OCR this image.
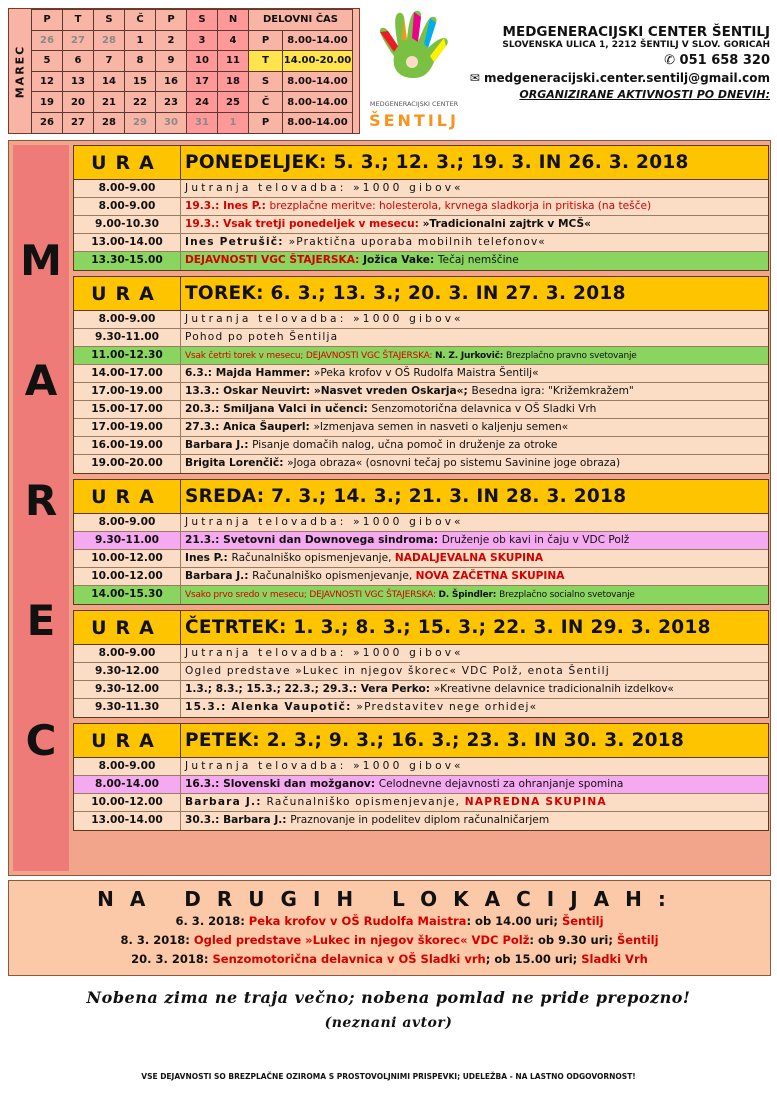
MAREC
P	T	S	Č	P	S	N	DELOVNI ČAS	
26	27	28	1	2	3	4	P	8.00-14.00
5	6	7	8	9	10	11	T	14.00-20.00
12	13	14	15	16	17	18	S	8.00-14.00
19	20	21	22	23	24	25	Č	8.00-14.00
26	27	28	29	30	31	1	P	8.00-14.00
MEDGENERACIJSKI CENTER
ŠENTILJ
MEDGENERACIJSKI CENTER ŠENTILJ
SLOVENSKA ULICA 1, 2212 ŠENTILJ V SLOV. GORICAH
✆ 051 658 320
✉ medgeneracijski.center.sentilj@gmail.com
ORGANIZIRANE AKTIVNOSTI PO DNEVIH:
M
A
R
E
C
URA	PONEDELJEK: 5. 3.; 12. 3.; 19. 3. IN 26. 3. 2018
8.00-9.00	Jutranja telovadba: »1000 gibov«
8.00-9.00	19.3.: Ines P.: brezplačne meritve: holesterola, krvnega sladkorja in pritiska (na tešče)
9.00-10.30	19.3.: Vsak tretji ponedeljek v mesecu: »Tradicionalni zajtrk v MCŠ«
13.00-14.00	Ines Petrušič: »Praktična uporaba mobilnih telefonov«
13.30-15.00	DEJAVNOSTI VGC ŠTAJERSKA: Jožica Vake: Tečaj nemščine
URA	TOREK: 6. 3.; 13. 3.; 20. 3. IN 27. 3. 2018
8.00-9.00	Jutranja telovadba: »1000 gibov«
9.30-11.00	Pohod po poteh Šentilja
11.00-12.30	Vsak četrti torek v mesecu; DEJAVNOSTI VGC ŠTAJERSKA: N. Z. Jurkovič: Brezplačno pravno svetovanje
14.00-17.00	6.3.: Majda Hammer: »Peka krofov v OŠ Rudolfa Maistra Šentilj«
17.00-19.00	13.3.: Oskar Neuvirt: »Nasvet vreden Oskarja«; Besedna igra: "Križemkražem"
15.00-17.00	20.3.: Smiljana Valci in učenci: Senzomotorična delavnica v OŠ Sladki Vrh
17.00-19.00	27.3.: Anica Šauperl: »Izmenjava semen in nasveti o kaljenju semen«
16.00-19.00	Barbara J.: Pisanje domačih nalog, učna pomoč in druženje za otroke
19.00-20.00	Brigita Lorenčič: »Joga obraza« (osnovni tečaj po sistemu Savinine joge obraza)
URA	SREDA: 7. 3.; 14. 3.; 21. 3. IN 28. 3. 2018
8.00-9.00	Jutranja telovadba: »1000 gibov«
9.30-11.00	21.3.: Svetovni dan Downovega sindroma: Druženje ob kavi in čaju v VDC Polž
10.00-12.00	Ines P.: Računalniško opismenjevanje, NADALJEVALNA SKUPINA
10.00-12.00	Barbara J.: Računalniško opismenjevanje, NOVA ZAČETNA SKUPINA
14.00-15.30	Vsako prvo sredo v mesecu; DEJAVNOSTI VGC ŠTAJERSKA: D. Špindler: Brezplačno socialno svetovanje
URA	ČETRTEK: 1. 3.; 8. 3.; 15. 3.; 22. 3. IN 29. 3. 2018
8.00-9.00	Jutranja telovadba: »1000 gibov«
9.30-12.00	Ogled predstave »Lukec in njegov škorec« VDC Polž, enota Šentilj
9.30-12.00	1.3.; 8.3.; 15.3.; 22.3.; 29.3.: Vera Perko: »Kreativne delavnice tradicionalnih izdelkov«
9.30-11.30	15.3.: Alenka Vaupotič: »Predstavitev nege orhidej«
URA	PETEK: 2. 3.; 9. 3.; 16. 3.; 23. 3. IN 30. 3. 2018
8.00-9.00	Jutranja telovadba: »1000 gibov«
8.00-14.00	16.3.: Slovenski dan možganov: Celodnevne dejavnosti za ohranjanje spomina
10.00-12.00	Barbara J.: Računalniško opismenjevanje, NAPREDNA SKUPINA
13.00-14.00	30.3.: Barbara J.: Praznovanje in podelitev diplom računalničarjem
NA DRUGIH LOKACIJAH:
6. 3. 2018: Peka krofov v OŠ Rudolfa Maistra: ob 14.00 uri; Šentilj
8. 3. 2018: Ogled predstave »Lukec in njegov škorec« VDC Polž: ob 9.30 uri; Šentilj
20. 3. 2018: Senzomotorična delavnica v OŠ Sladki vrh; ob 15.00 uri; Sladki Vrh
Nobena zima ne traja večno; nobena pomlad ne pride prepozno!
(neznani avtor)
VSE DEJAVNOSTI SO BREZPLAČNE OZIROMA S PROSTOVOLJNIMI PRISPEVKI; UDELEŽBA - NA LASTNO ODGOVORNOST!
